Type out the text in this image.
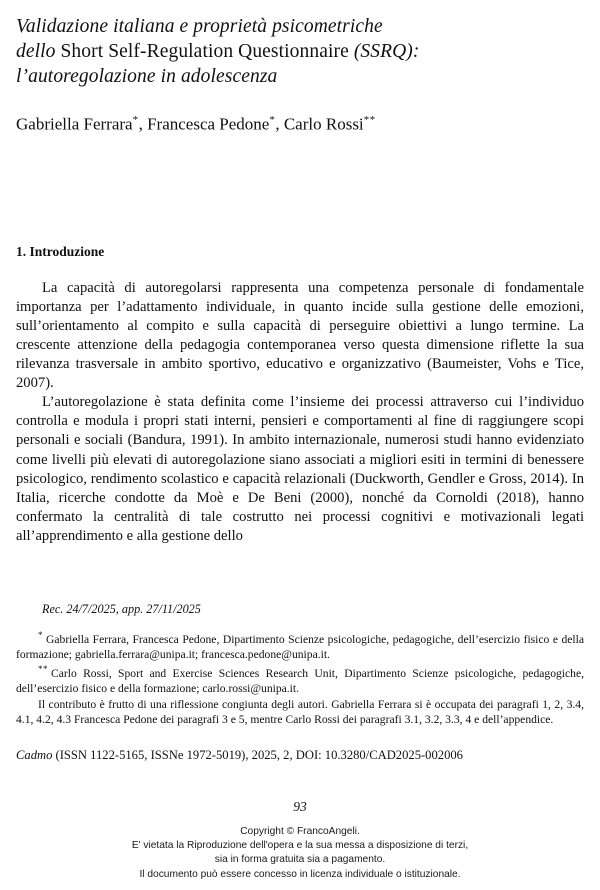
Validazione italiana e proprietà psicometriche
dello Short Self-Regulation Questionnaire (SSRQ):
l’autoregolazione in adolescenza
Gabriella Ferrara*, Francesca Pedone*, Carlo Rossi**
1. Introduzione

La capacità di autoregolarsi rappresenta una competenza personale di fondamentale importanza per l’adattamento individuale, in quanto incide sulla gestione delle emozioni, sull’orientamento al compito e sulla capacità di perseguire obiettivi a lungo termine. La crescente attenzione della pedagogia contemporanea verso questa dimensione riflette la sua rilevanza trasversale in ambito sportivo, educativo e organizzativo (Baumeister, Vohs e Tice, 2007).

L’autoregolazione è stata definita come l’insieme dei processi attraverso cui l’individuo controlla e modula i propri stati interni, pensieri e comportamenti al fine di raggiungere scopi personali e sociali (Bandura, 1991). In ambito internazionale, numerosi studi hanno evidenziato come livelli più elevati di autoregolazione siano associati a migliori esiti in termini di benessere psicologico, rendimento scolastico e capacità relazionali (Duckworth, Gendler e Gross, 2014). In Italia, ricerche condotte da Moè e De Beni (2000), nonché da Cornoldi (2018), hanno confermato la centralità di tale costrutto nei processi cognitivi e motivazionali legati all’apprendimento e alla gestione dello

Rec. 24/7/2025, app. 27/11/2025

* Gabriella Ferrara, Francesca Pedone, Dipartimento Scienze psicologiche, pedagogiche, dell’esercizio fisico e della formazione; gabriella.ferrara@unipa.it; francesca.pedone@unipa.it.

** Carlo Rossi, Sport and Exercise Sciences Research Unit, Dipartimento Scienze psicologiche, pedagogiche, dell’esercizio fisico e della formazione; carlo.rossi@unipa.it.

Il contributo è frutto di una riflessione congiunta degli autori. Gabriella Ferrara si è occupata dei paragrafi 1, 2, 3.4, 4.1, 4.2, 4.3 Francesca Pedone dei paragrafi 3 e 5, mentre Carlo Rossi dei paragrafi 3.1, 3.2, 3.3, 4 e dell’appendice.

Cadmo (ISSN 1122-5165, ISSNe 1972-5019), 2025, 2, DOI: 10.3280/CAD2025-002006

93
Copyright © FrancoAngeli.
E' vietata la Riproduzione dell'opera e la sua messa a disposizione di terzi,
sia in forma gratuita sia a pagamento.
Il documento può essere concesso in licenza individuale o istituzionale.
